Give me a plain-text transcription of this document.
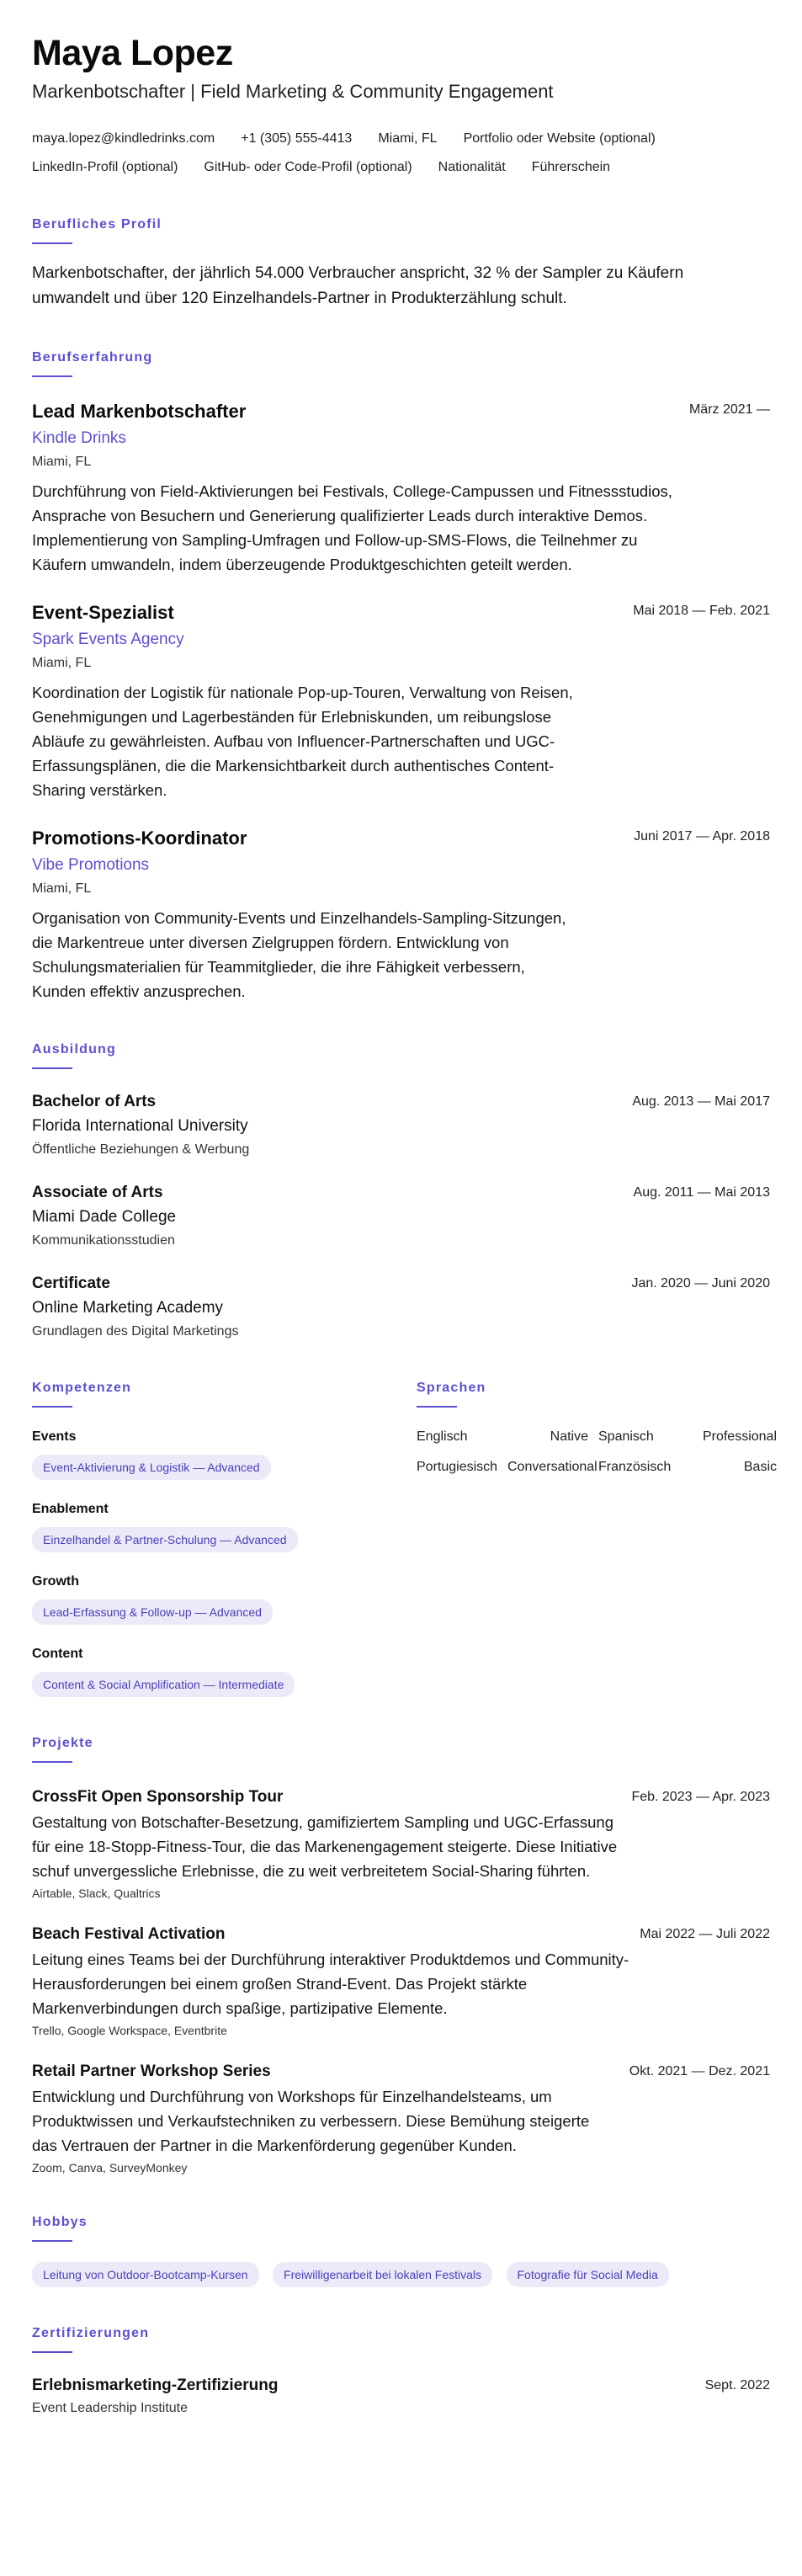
Maya Lopez
Markenbotschafter | Field Marketing & Community Engagement
maya.lopez@kindledrinks.com +1 (305) 555-4413 Miami, FL Portfolio oder Website (optional)
LinkedIn-Profil (optional) GitHub- oder Code-Profil (optional) Nationalität Führerschein
Berufliches Profil

Markenbotschafter, der jährlich 54.000 Verbraucher anspricht, 32 % der Sampler zu Käufern umwandelt und über 120 Einzelhandels-Partner in Produkterzählung schult.

Berufserfahrung
Lead Markenbotschafter	März 2021 —
Kindle Drinks
Miami, FL

Durchführung von Field-Aktivierungen bei Festivals, College-Campussen und Fitnessstudios, Ansprache von Besuchern und Generierung qualifizierter Leads durch interaktive Demos. Implementierung von Sampling-Umfragen und Follow-up-SMS-Flows, die Teilnehmer zu Käufern umwandeln, indem überzeugende Produktgeschichten geteilt werden.

Event-Spezialist	Mai 2018 — Feb. 2021
Spark Events Agency
Miami, FL

Koordination der Logistik für nationale Pop-up-Touren, Verwaltung von Reisen, Genehmigungen und Lagerbeständen für Erlebniskunden, um reibungslose Abläufe zu gewährleisten. Aufbau von Influencer-Partnerschaften und UGC-Erfassungsplänen, die die Markensichtbarkeit durch authentisches Content-Sharing verstärken.

Promotions-Koordinator	Juni 2017 — Apr. 2018
Vibe Promotions
Miami, FL

Organisation von Community-Events und Einzelhandels-Sampling-Sitzungen, die Markentreue unter diversen Zielgruppen fördern. Entwicklung von Schulungsmaterialien für Teammitglieder, die ihre Fähigkeit verbessern, Kunden effektiv anzusprechen.

Ausbildung
Bachelor of Arts	Aug. 2013 — Mai 2017
Florida International University
Öffentliche Beziehungen & Werbung
Associate of Arts	Aug. 2011 — Mai 2013
Miami Dade College
Kommunikationsstudien
Certificate	Jan. 2020 — Juni 2020
Online Marketing Academy
Grundlagen des Digital Marketings
Kompetenzen
Events
Event-Aktivierung & Logistik — Advanced
Enablement
Einzelhandel & Partner-Schulung — Advanced
Growth
Lead-Erfassung & Follow-up — Advanced
Content
Content & Social Amplification — Intermediate
Sprachen
Englisch	Native Spanisch	Professional
Portugiesisch Conversational Französisch	Basic
Projekte
CrossFit Open Sponsorship Tour	Feb. 2023 — Apr. 2023

Gestaltung von Botschafter-Besetzung, gamifiziertem Sampling und UGC-Erfassung für eine 18-Stopp-Fitness-Tour, die das Markenengagement steigerte. Diese Initiative schuf unvergessliche Erlebnisse, die zu weit verbreitetem Social-Sharing führten.

Airtable, Slack, Qualtrics
Beach Festival Activation	Mai 2022 — Juli 2022

Leitung eines Teams bei der Durchführung interaktiver Produktdemos und Community-Herausforderungen bei einem großen Strand-Event. Das Projekt stärkte Markenverbindungen durch spaßige, partizipative Elemente.

Trello, Google Workspace, Eventbrite
Retail Partner Workshop Series	Okt. 2021 — Dez. 2021

Entwicklung und Durchführung von Workshops für Einzelhandelsteams, um Produktwissen und Verkaufstechniken zu verbessern. Diese Bemühung steigerte das Vertrauen der Partner in die Markenförderung gegenüber Kunden.

Zoom, Canva, SurveyMonkey
Hobbys
Leitung von Outdoor-Bootcamp-Kursen	Freiwilligenarbeit bei lokalen Festivals	Fotografie für Social Media
Zertifizierungen
Erlebnismarketing-Zertifizierung	Sept. 2022
Event Leadership Institute
